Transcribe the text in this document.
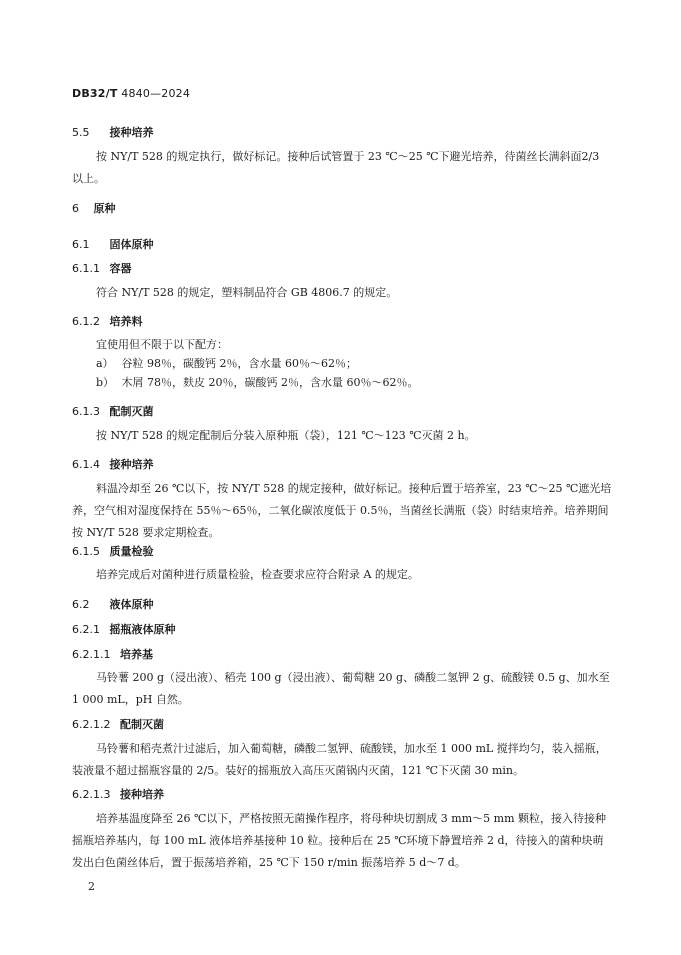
DB32/T 4840—2024
5.5 接种培养
按 NY/T 528 的规定执行，做好标记。接种后试管置于 23 ℃～25 ℃下避光培养，待菌丝长满斜面2/3 以上。
6 原种
6.1 固体原种
6.1.1 容器
符合 NY/T 528 的规定，塑料制品符合 GB 4806.7 的规定。
6.1.2 培养料
宜使用但不限于以下配方：
a） 谷粒 98％，碳酸钙 2％，含水量 60％～62％；
b） 木屑 78％，麸皮 20％，碳酸钙 2％，含水量 60％～62％。
6.1.3 配制灭菌
按 NY/T 528 的规定配制后分装入原种瓶（袋），121 ℃～123 ℃灭菌 2 h。
6.1.4 接种培养
料温冷却至 26 ℃以下，按 NY/T 528 的规定接种，做好标记。接种后置于培养室，23 ℃～25 ℃遮光培养，空气相对湿度保持在 55％～65％，二氧化碳浓度低于 0.5％，当菌丝长满瓶（袋）时结束培养。培养期间按 NY/T 528 要求定期检查。
6.1.5 质量检验
培养完成后对菌种进行质量检验，检查要求应符合附录 A 的规定。
6.2 液体原种
6.2.1 摇瓶液体原种
6.2.1.1 培养基
马铃薯 200 g（浸出液）、稻壳 100 g（浸出液）、葡萄糖 20 g、磷酸二氢钾 2 g、硫酸镁 0.5 g、加水至1 000 mL，pH 自然。
6.2.1.2 配制灭菌
马铃薯和稻壳煮汁过滤后，加入葡萄糖，磷酸二氢钾、硫酸镁，加水至 1 000 mL 搅拌均匀，装入摇瓶，装液量不超过摇瓶容量的 2/5。装好的摇瓶放入高压灭菌锅内灭菌，121 ℃下灭菌 30 min。
6.2.1.3 接种培养
培养基温度降至 26 ℃以下，严格按照无菌操作程序，将母种块切割成 3 mm～5 mm 颗粒，接入待接种摇瓶培养基内，每 100 mL 液体培养基接种 10 粒。接种后在 25 ℃环境下静置培养 2 d，待接入的菌种块萌发出白色菌丝体后，置于振荡培养箱，25 ℃下 150 r/min 振荡培养 5 d～7 d。
2
